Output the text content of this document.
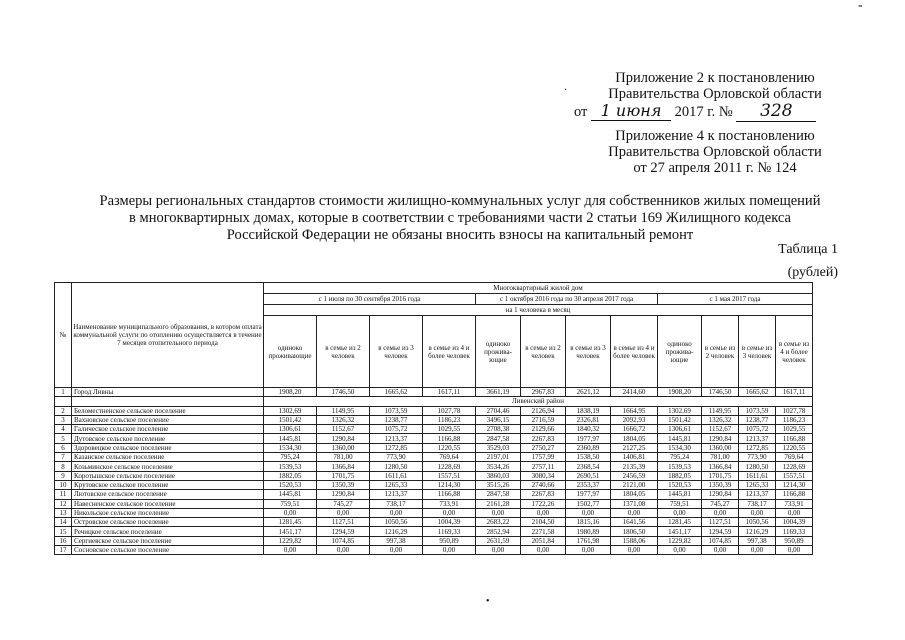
-
.	Приложение 2 к постановлению
Правительства Орловской области
от 1 июня 2017 г. № 328
Приложение 4 к постановлению
Правительства Орловской области
от 27 апреля 2011 г. № 124
Размеры региональных стандартов стоимости жилищно-коммунальных услуг для собственников жилых помещений
в многоквартирных домах, которые в соответствии с требованиями части 2 статьи 169 Жилищного кодекса
Российской Федерации не обязаны вносить взносы на капитальный ремонт
Таблица 1
(рублей)
№	Наименование муниципального образования, в котором оплата коммунальной услуги по отоплению осуществляется в течение 7 месяцев отопительного периода	Многоквартирный жилой дом											
		с 1 июля по 30 сентября 2016 года				с 1 октября 2016 года по 30 апреля 2017 года				с 1 мая 2017 года			
		на 1 человека в месяц											
		одиноко проживающие	в семье из 2 человек	в семье из 3 человек	в семье из 4 и более человек	одиноко прожива-ющие	в семье из 2 человек	в семье из 3 человек	в семье из 4 и более человек	одиноко прожива-ющие	в семье из 2 человек	в семье из 3 человек	в семье из 4 и более человек
1	Город Ливны	1908,20	1746,50	1665,62	1617,11	3661,19	2967,83	2621,12	2414,60	1908,20	1746,50	1665,62	1617,11
		Ливенский район											
2	Беломестненское сельское поселение	1302,69	1149,95	1073,59	1027,78	2704,46	2126,94	1838,19	1664,95	1302,69	1149,95	1073,59	1027,78
3	Вахновское сельское поселение	1501,42	1326,32	1238,77	1186,23	3496,15	2716,59	2326,81	2092,93	1501,42	1326,32	1238,77	1186,23
4	Галическое сельское поселение	1306,61	1152,67	1075,72	1029,55	2708,38	2129,66	1840,32	1666,72	1306,61	1152,67	1075,72	1029,55
5	Дутовское сельское поселение	1445,81	1290,84	1213,37	1166,88	2847,58	2267,83	1977,97	1804,05	1445,81	1290,84	1213,37	1166,88
6	Здоровецкое сельское поселение	1534,30	1360,00	1272,85	1220,55	3529,03	2750,27	2360,89	2127,25	1534,30	1360,00	1272,85	1220,55
7	Казанское сельское поселение	795,24	781,00	773,90	769,64	2197,01	1757,99	1538,50	1406,81	795,24	781,00	773,90	769,64
8	Козьминское сельское поселение	1539,53	1366,84	1280,50	1228,69	3534,26	2757,11	2368,54	2135,39	1539,53	1366,84	1280,50	1228,69
9	Коротышское сельское поселение	1882,05	1701,75	1611,61	1557,51	3860,03	3080,34	2690,51	2456,59	1882,05	1701,75	1611,61	1557,51
10	Крутовское сельское поселение	1520,53	1350,39	1265,33	1214,30	3515,26	2740,66	2353,37	2121,00	1520,53	1350,39	1265,33	1214,30
11	Лютовское сельское поселение	1445,81	1290,84	1213,37	1166,88	2847,58	2267,83	1977,97	1804,05	1445,81	1290,84	1213,37	1166,88
12	Навесненское сельское поселение	759,51	745,27	738,17	733,91	2161,28	1722,26	1502,77	1371,08	759,51	745,27	738,17	733,91
13	Никольское сельское поселение	0,00	0,00	0,00	0,00	0,00	0,00	0,00	0,00	0,00	0,00	0,00	0,00
14	Островское сельское поселение	1281,45	1127,51	1050,56	1004,39	2683,22	2104,50	1815,16	1641,56	1281,45	1127,51	1050,56	1004,39
15	Речицкое сельское поселение	1451,17	1294,59	1216,29	1169,33	2852,94	2271,58	1980,89	1806,50	1451,17	1294,59	1216,29	1169,33
16	Сергиевское сельское поселение	1229,82	1074,85	997,38	950,89	2631,59	2051,84	1761,98	1588,06	1229,82	1074,85	997,38	950,89
17	Сосновское сельское поселение	0,00	0,00	0,00	0,00	0,00	0,00	0,00	0,00	0,00	0,00	0,00	0,00
•
